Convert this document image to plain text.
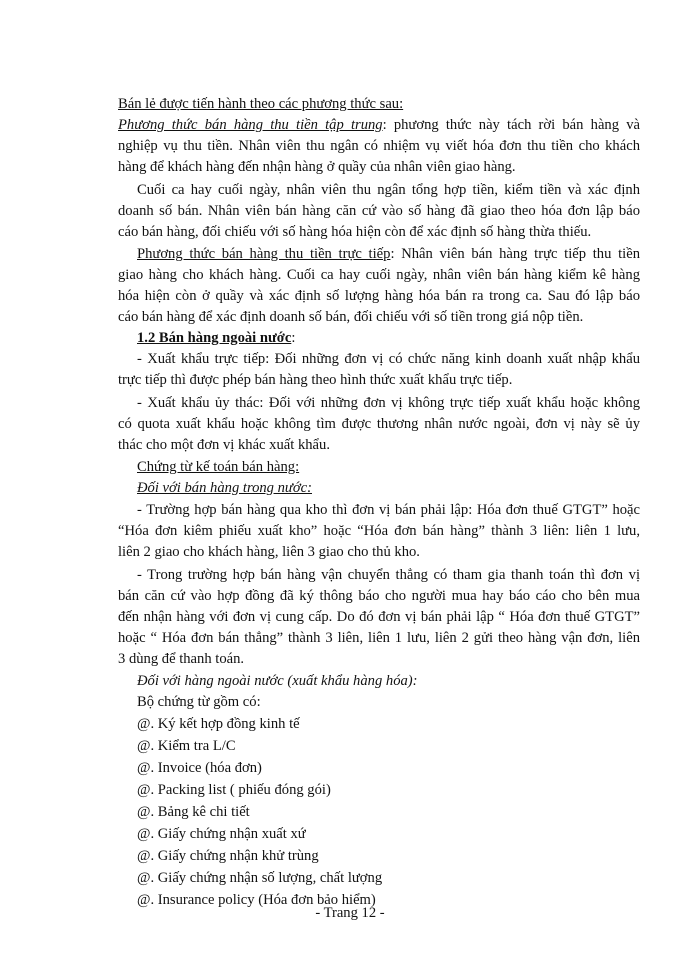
Bán lẻ được tiến hành theo các phương thức sau:
Phương thức bán hàng thu tiền tập trung: phương thức này tách rời bán hàng và
nghiệp vụ thu tiền. Nhân viên thu ngân có nhiệm vụ viết hóa đơn thu tiền cho khách
hàng để khách hàng đến nhận hàng ở quầy của nhân viên giao hàng.
Cuối ca hay cuối ngày, nhân viên thu ngân tổng hợp tiền, kiểm tiền và xác định
doanh số bán. Nhân viên bán hàng căn cứ vào số hàng đã giao theo hóa đơn lập báo
cáo bán hàng, đối chiếu với số hàng hóa hiện còn để xác định số hàng thừa thiếu.
Phương thức bán hàng thu tiền trực tiếp: Nhân viên bán hàng trực tiếp thu tiền
giao hàng cho khách hàng. Cuối ca hay cuối ngày, nhân viên bán hàng kiểm kê hàng
hóa hiện còn ở quầy và xác định số lượng hàng hóa bán ra trong ca. Sau đó lập báo
cáo bán hàng để xác định doanh số bán, đối chiếu với số tiền trong giá nộp tiền.
1.2 Bán hàng ngoài nước:
- Xuất khẩu trực tiếp: Đối những đơn vị có chức năng kinh doanh xuất nhập khẩu
trực tiếp thì được phép bán hàng theo hình thức xuất khẩu trực tiếp.
- Xuất khẩu ủy thác: Đối với những đơn vị không trực tiếp xuất khẩu hoặc không
có quota xuất khẩu hoặc không tìm được thương nhân nước ngoài, đơn vị này sẽ ủy
thác cho một đơn vị khác xuất khẩu.
Chứng từ kế toán bán hàng:
Đối với bán hàng trong nước:
- Trường hợp bán hàng qua kho thì đơn vị bán phải lập: Hóa đơn thuế GTGT” hoặc
“Hóa đơn kiêm phiếu xuất kho” hoặc “Hóa đơn bán hàng” thành 3 liên: liên 1 lưu,
liên 2 giao cho khách hàng, liên 3 giao cho thủ kho.
- Trong trường hợp bán hàng vận chuyển thẳng có tham gia thanh toán thì đơn vị
bán căn cứ vào hợp đồng đã ký thông báo cho người mua hay báo cáo cho bên mua
đến nhận hàng với đơn vị cung cấp. Do đó đơn vị bán phải lập “ Hóa đơn thuế GTGT”
hoặc “ Hóa đơn bán thẳng” thành 3 liên, liên 1 lưu, liên 2 gửi theo hàng vận đơn, liên
3 dùng để thanh toán.
Đối với hàng ngoài nước (xuất khẩu hàng hóa):
Bộ chứng từ gồm có:
@. Ký kết hợp đồng kinh tế
@. Kiểm tra L/C
@. Invoice (hóa đơn)
@. Packing list ( phiếu đóng gói)
@. Bảng kê chi tiết
@. Giấy chứng nhận xuất xứ
@. Giấy chứng nhận khử trùng
@. Giấy chứng nhận số lượng, chất lượng
@. Insurance policy (Hóa đơn bảo hiểm)
- Trang 12 -
